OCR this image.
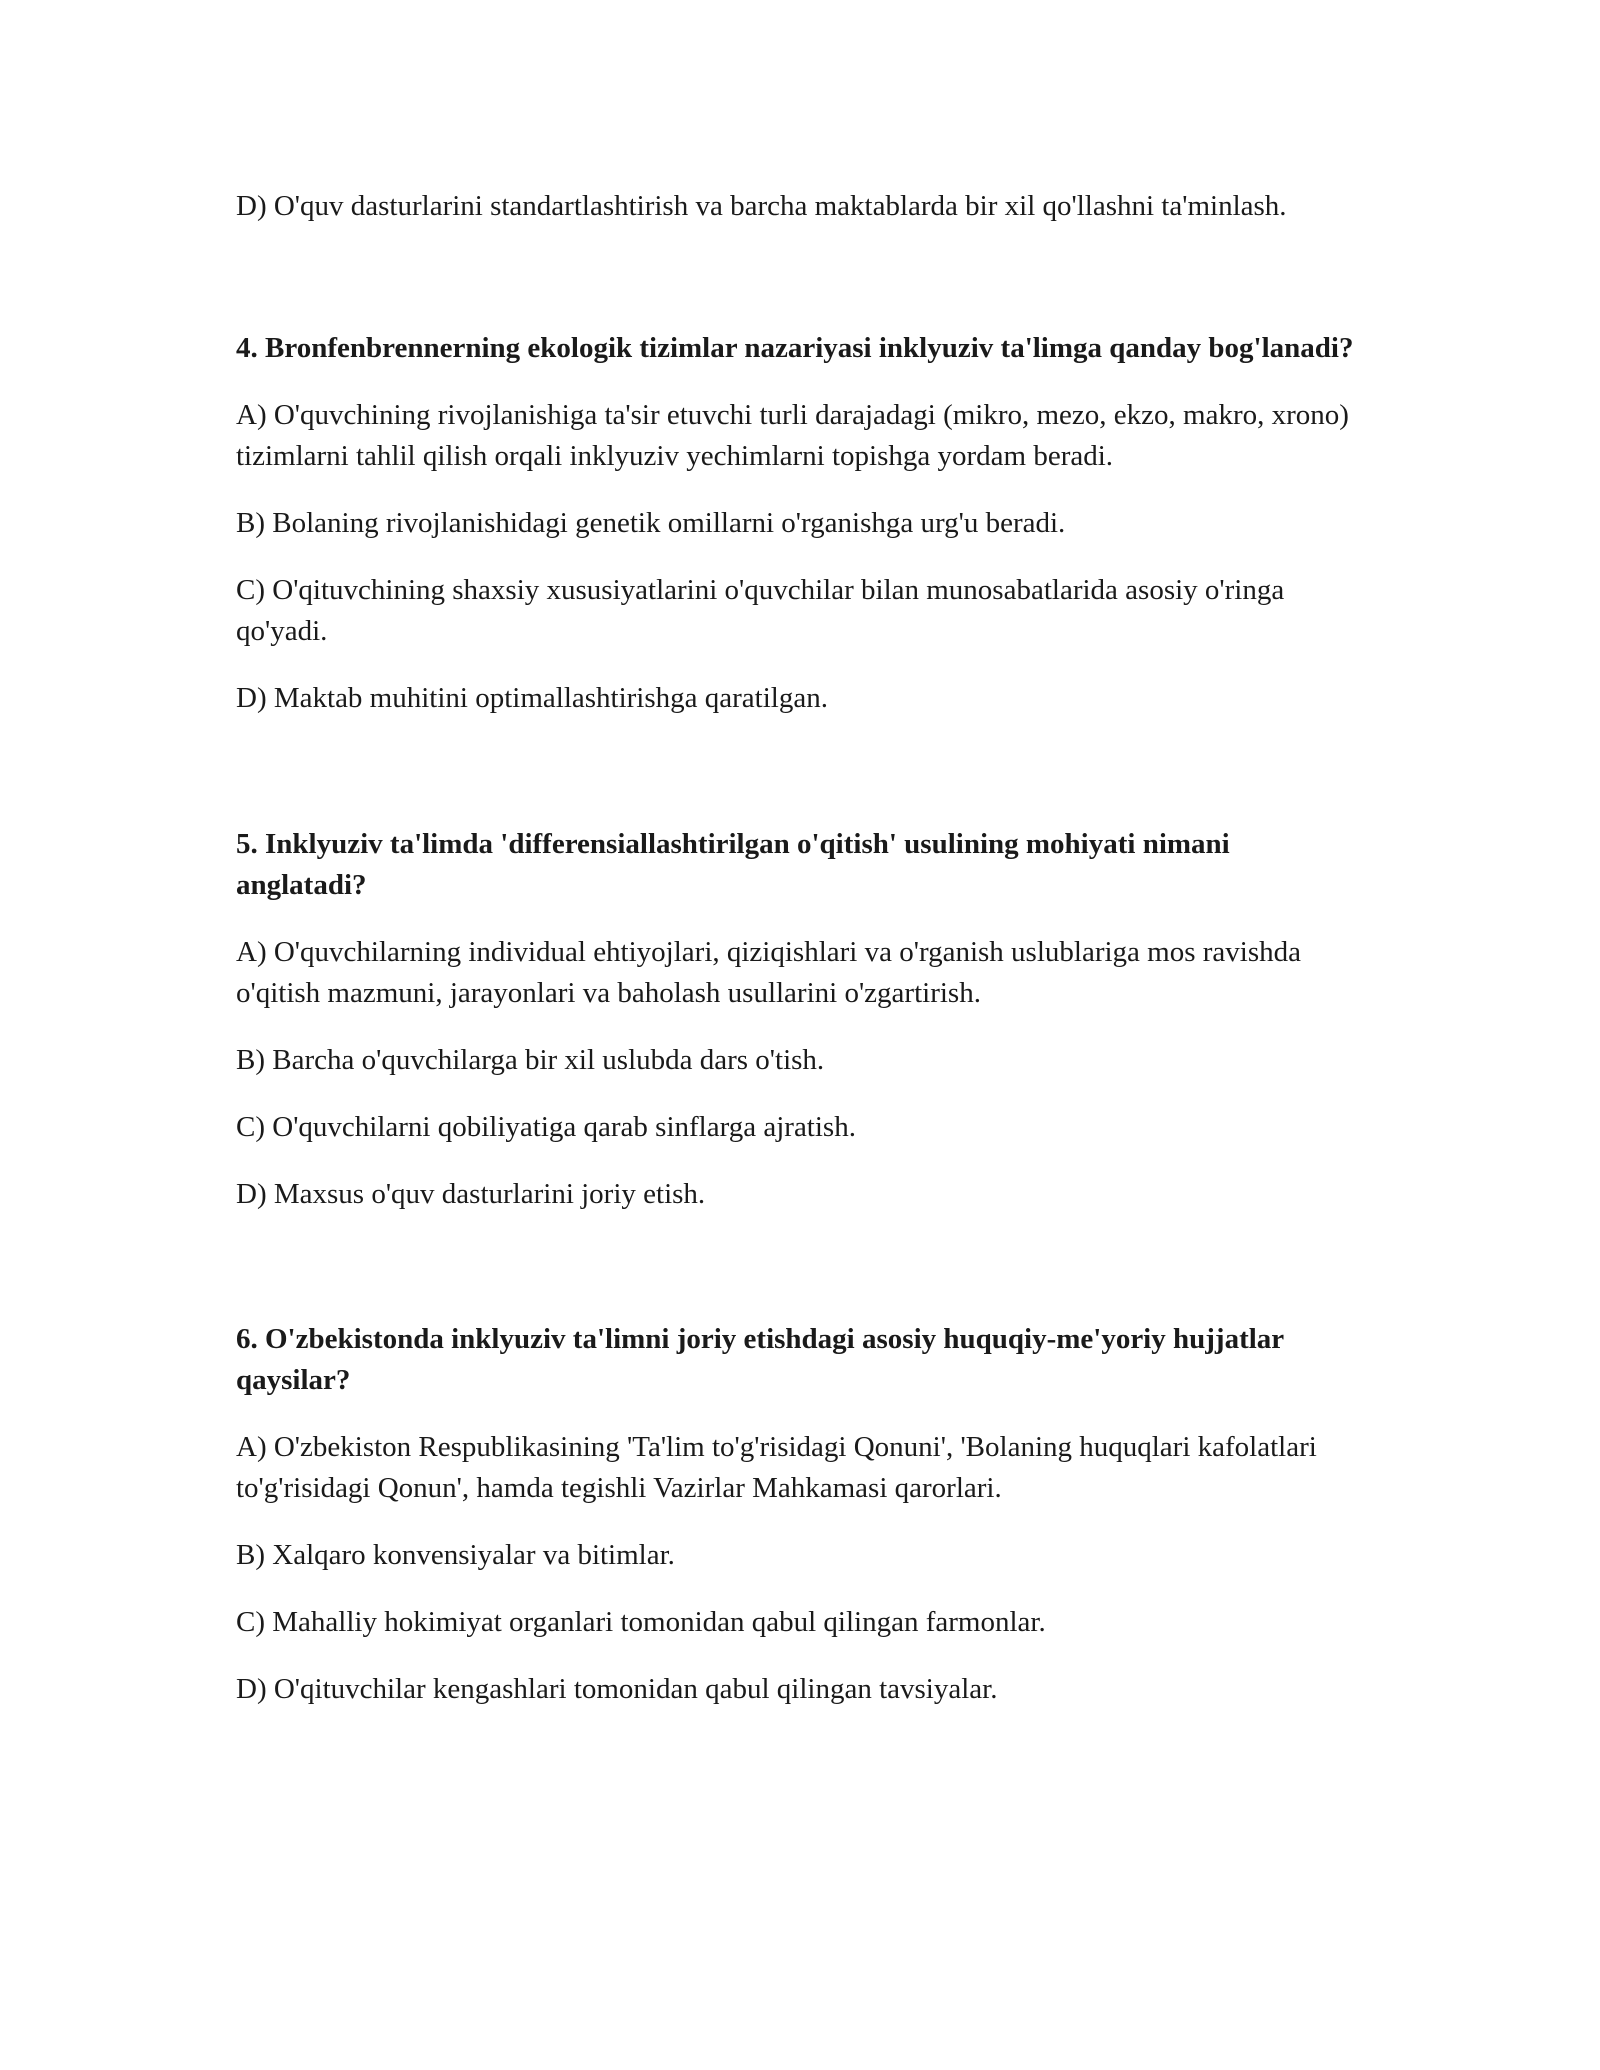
D) O'quv dasturlarini standartlashtirish va barcha maktablarda bir xil qo'llashni ta'minlash.

4. Bronfenbrennerning ekologik tizimlar nazariyasi inklyuziv ta'limga qanday bog'lanadi?

A) O'quvchining rivojlanishiga ta'sir etuvchi turli darajadagi (mikro, mezo, ekzo, makro, xrono) tizimlarni tahlil qilish orqali inklyuziv yechimlarni topishga yordam beradi.

B) Bolaning rivojlanishidagi genetik omillarni o'rganishga urg'u beradi.

C) O'qituvchining shaxsiy xususiyatlarini o'quvchilar bilan munosabatlarida asosiy o'ringa qo'yadi.

D) Maktab muhitini optimallashtirishga qaratilgan.

5. Inklyuziv ta'limda 'differensiallashtirilgan o'qitish' usulining mohiyati nimani anglatadi?

A) O'quvchilarning individual ehtiyojlari, qiziqishlari va o'rganish uslublariga mos ravishda o'qitish mazmuni, jarayonlari va baholash usullarini o'zgartirish.

B) Barcha o'quvchilarga bir xil uslubda dars o'tish.

C) O'quvchilarni qobiliyatiga qarab sinflarga ajratish.

D) Maxsus o'quv dasturlarini joriy etish.

6. O'zbekistonda inklyuziv ta'limni joriy etishdagi asosiy huquqiy-me'yoriy hujjatlar qaysilar?

A) O'zbekiston Respublikasining 'Ta'lim to'g'risidagi Qonuni', 'Bolaning huquqlari kafolatlari to'g'risidagi Qonun', hamda tegishli Vazirlar Mahkamasi qarorlari.

B) Xalqaro konvensiyalar va bitimlar.

C) Mahalliy hokimiyat organlari tomonidan qabul qilingan farmonlar.

D) O'qituvchilar kengashlari tomonidan qabul qilingan tavsiyalar.
